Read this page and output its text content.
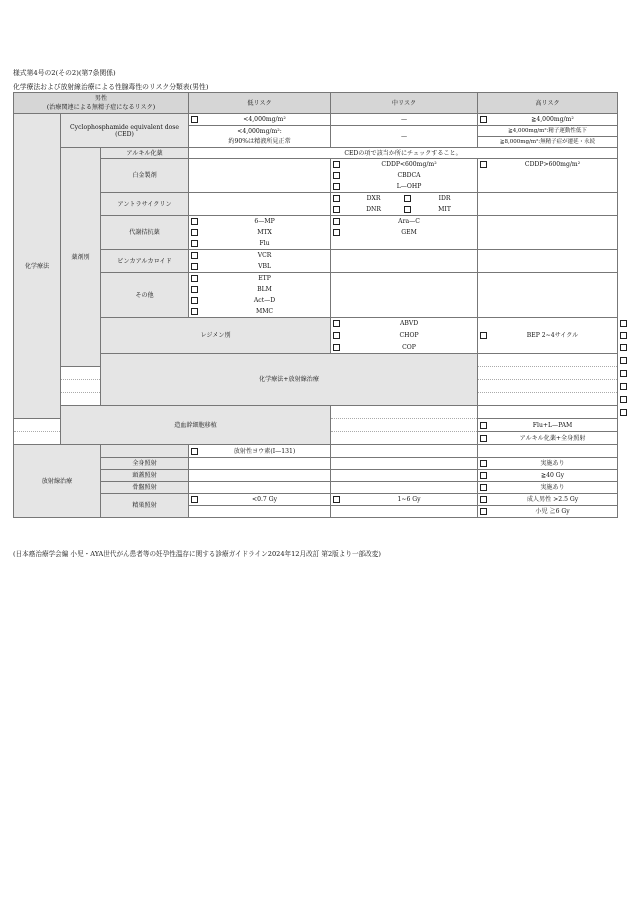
様式第4号の2(その2)(第7条関係)
化学療法および放射線治療による性腺毒性のリスク分類表(男性)
男性
(治療関連による無精子症になるリスク)			低リスク	中リスク	高リスク	
化学療法	Cyclophosphamide equivalent dose (CED)		<4,000mg/m²	—	≧4,000mg/m²	

			<4,000mg/m²:	—	≧4,000mg/m²:精子運動性低下	
			約90%は精液所見正常		≧8,000mg/m²:無精子症が遷延・永続	
	薬剤別	アルキル化薬	CEDの項で該当か所にチェックすること。			
		白金製剤		CDDP<600mg/m²	CDDP>600mg/m²	

				CBDCA		

				L—OHP		

		アントラサイクリン		DXR IDR		

				DNR MIT		

		代謝拮抗薬	6—MP	Ara—C		

			MTX	GEM		

			Flu			

		ビンカアルカロイド	VCR			

			VBL			

		その他	ETP			

			BLM			

			Act—D			

			MMC			

		レジメン別		ABVD	BEP 2~4サイクル

				CHOP

				COP

		化学療法+放射線治療			

	造血幹細胞移植			

					Flu+L—PAM	

					アルキル化薬+全身照射	

放射線治療			放射性ヨウ素(I—131)			

		全身照射			実施あり	

		頭蓋照射			≧40 Gy	

		骨盤照射			実施あり	

		精巣照射	<0.7 Gy	1~6 Gy	成人男性 >2.5 Gy	

					小児 ≧6 Gy	
(日本癌治療学会編 小児・AYA世代がん患者等の妊孕性温存に関する診療ガイドライン2024年12月改訂 第2版より一部改変)
